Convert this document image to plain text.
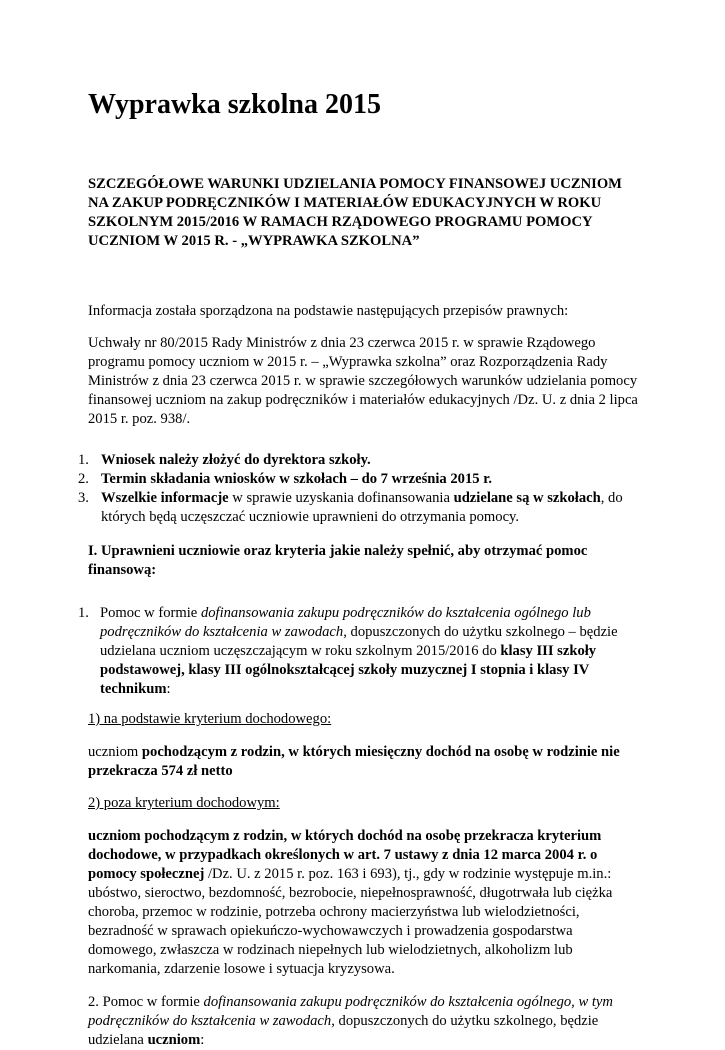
Wyprawka szkolna 2015
SZCZEGÓŁOWE WARUNKI UDZIELANIA POMOCY FINANSOWEJ UCZNIOM NA ZAKUP PODRĘCZNIKÓW I MATERIAŁÓW EDUKACYJNYCH W ROKU SZKOLNYM 2015/2016 W RAMACH RZĄDOWEGO PROGRAMU POMOCY UCZNIOM W 2015 R. - „WYPRAWKA SZKOLNA”

Informacja została sporządzona na podstawie następujących przepisów prawnych:

Uchwały nr 80/2015 Rady Ministrów z dnia 23 czerwca 2015 r. w sprawie Rządowego programu pomocy uczniom w 2015 r. – „Wyprawka szkolna” oraz Rozporządzenia Rady Ministrów z dnia 23 czerwca 2015 r. w sprawie szczegółowych warunków udzielania pomocy finansowej uczniom na zakup podręczników i materiałów edukacyjnych /Dz. U. z dnia 2 lipca 2015 r. poz. 938/.

1. Wniosek należy złożyć do dyrektora szkoły.
2. Termin składania wniosków w szkołach – do 7 września 2015 r.
3. Wszelkie informacje w sprawie uzyskania dofinansowania udzielane są w szkołach, do których będą uczęszczać uczniowie uprawnieni do otrzymania pomocy.

I. Uprawnieni uczniowie oraz kryteria jakie należy spełnić, aby otrzymać pomoc finansową:

1. Pomoc w formie dofinansowania zakupu podręczników do kształcenia ogólnego lub podręczników do kształcenia w zawodach, dopuszczonych do użytku szkolnego – będzie udzielana uczniom uczęszczającym w roku szkolnym 2015/2016 do klasy III szkoły podstawowej, klasy III ogólnokształcącej szkoły muzycznej I stopnia i klasy IV technikum:

1) na podstawie kryterium dochodowego:

uczniom pochodzącym z rodzin, w których miesięczny dochód na osobę w rodzinie nie przekracza 574 zł netto

2) poza kryterium dochodowym:

uczniom pochodzącym z rodzin, w których dochód na osobę przekracza kryterium dochodowe, w przypadkach określonych w art. 7 ustawy z dnia 12 marca 2004 r. o pomocy społecznej /Dz. U. z 2015 r. poz. 163 i 693), tj., gdy w rodzinie występuje m.in.: ubóstwo, sieroctwo, bezdomność, bezrobocie, niepełnosprawność, długotrwała lub ciężka choroba, przemoc w rodzinie, potrzeba ochrony macierzyństwa lub wielodzietności, bezradność w sprawach opiekuńczo-wychowawczych i prowadzenia gospodarstwa domowego, zwłaszcza w rodzinach niepełnych lub wielodzietnych, alkoholizm lub narkomania, zdarzenie losowe i sytuacja kryzysowa.

2. Pomoc w formie dofinansowania zakupu podręczników do kształcenia ogólnego, w tym podręczników do kształcenia w zawodach, dopuszczonych do użytku szkolnego, będzie udzielana uczniom:
